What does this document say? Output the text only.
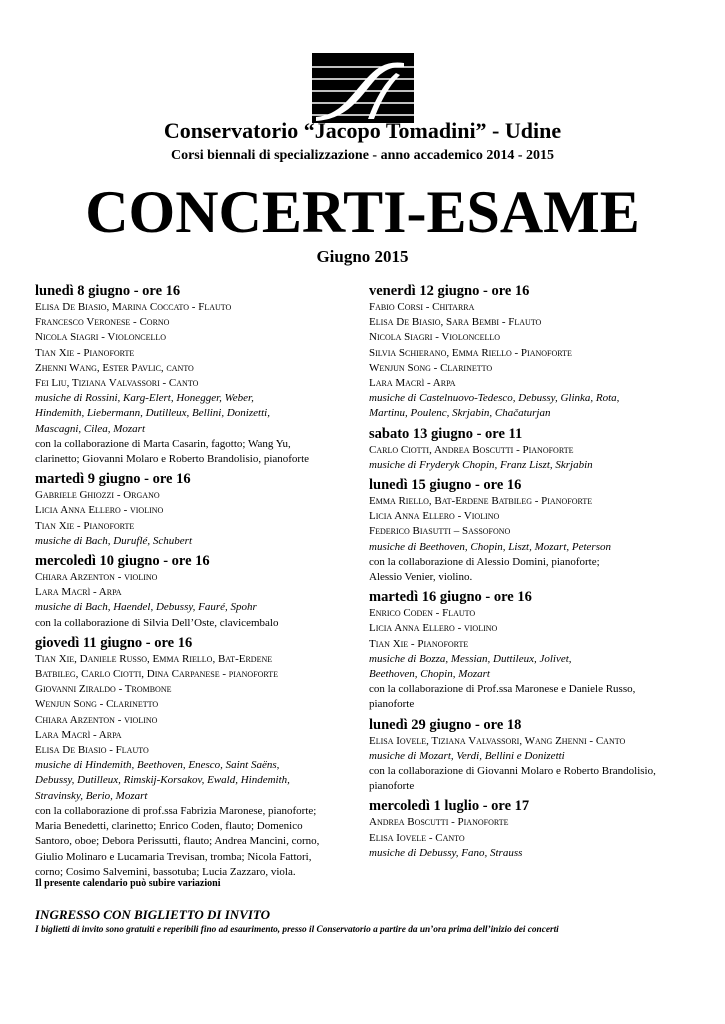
Conservatorio “Jacopo Tomadini” - Udine
Corsi biennali di specializzazione - anno accademico 2014 - 2015
CONCERTI-ESAME
Giugno 2015
lunedì 8 giugno - ore 16
Elisa De Biasio, Marina Coccato - Flauto
Francesco Veronese - Corno
Nicola Siagri - Violoncello
Tian Xie - Pianoforte
Zhenni Wang, Ester Pavlic, canto
Fei Liu, Tiziana Valvassori - Canto
musiche di Rossini, Karg-Elert, Honegger, Weber,
Hindemith, Liebermann, Dutilleux, Bellini, Donizetti,
Mascagni, Cilea, Mozart
con la collaborazione di Marta Casarin, fagotto; Wang Yu,
clarinetto; Giovanni Molaro e Roberto Brandolisio, pianoforte
martedì 9 giugno - ore 16
Gabriele Ghiozzi - Organo
Licia Anna Ellero - violino
Tian Xie - Pianoforte
musiche di Bach, Duruflé, Schubert
mercoledì 10 giugno - ore 16
Chiara Arzenton - violino
Lara Macrì - Arpa
musiche di Bach, Haendel, Debussy, Fauré, Spohr
con la collaborazione di Silvia Dell’Oste, clavicembalo
giovedì 11 giugno - ore 16
Tian Xie, Daniele Russo, Emma Riello, Bat-Erdene
Batbileg, Carlo Ciotti, Dina Carpanese - pianoforte
Giovanni Ziraldo - Trombone
Wenjun Song - Clarinetto
Chiara Arzenton - violino
Lara Macrì - Arpa
Elisa De Biasio - Flauto
musiche di Hindemith, Beethoven, Enesco, Saint Saëns,
Debussy, Dutilleux, Rimskij-Korsakov, Ewald, Hindemith,
Stravinsky, Berio, Mozart
con la collaborazione di prof.ssa Fabrizia Maronese, pianoforte;
Maria Benedetti, clarinetto; Enrico Coden, flauto; Domenico
Santoro, oboe; Debora Perissutti, flauto; Andrea Mancini, corno,
Giulio Molinaro e Lucamaria Trevisan, tromba; Nicola Fattori,
corno; Cosimo Salvemini, bassotuba; Lucia Zazzaro, viola.
venerdì 12 giugno - ore 16
Fabio Corsi - Chitarra
Elisa De Biasio, Sara Bembi - Flauto
Nicola Siagri - Violoncello
Silvia Schierano, Emma Riello - Pianoforte
Wenjun Song - Clarinetto
Lara Macrì - Arpa
musiche di Castelnuovo-Tedesco, Debussy, Glinka, Rota,
Martinu, Poulenc, Skrjabin, Chačaturjan
sabato 13 giugno - ore 11
Carlo Ciotti, Andrea Boscutti - Pianoforte
musiche di Fryderyk Chopin, Franz Liszt, Skrjabin
lunedì 15 giugno - ore 16
Emma Riello, Bat-Erdene Batbileg - Pianoforte
Licia Anna Ellero - Violino
Federico Biasutti – Sassofono
musiche di Beethoven, Chopin, Liszt, Mozart, Peterson
con la collaborazione di Alessio Domini, pianoforte;
Alessio Venier, violino.
martedì 16 giugno - ore 16
Enrico Coden - Flauto
Licia Anna Ellero - violino
Tian Xie - Pianoforte
musiche di Bozza, Messian, Duttileux, Jolivet,
Beethoven, Chopin, Mozart
con la collaborazione di Prof.ssa Maronese e Daniele Russo,
pianoforte
lunedì 29 giugno - ore 18
Elisa Iovele, Tiziana Valvassori, Wang Zhenni - Canto
musiche di Mozart, Verdi, Bellini e Donizetti
con la collaborazione di Giovanni Molaro e Roberto Brandolisio,
pianoforte
mercoledì 1 luglio - ore 17
Andrea Boscutti - Pianoforte
Elisa Iovele - Canto
musiche di Debussy, Fano, Strauss
Il presente calendario può subire variazioni
INGRESSO CON BIGLIETTO DI INVITO
I biglietti di invito sono gratuiti e reperibili fino ad esaurimento, presso il Conservatorio a partire da un’ora prima dell’inizio dei concerti
